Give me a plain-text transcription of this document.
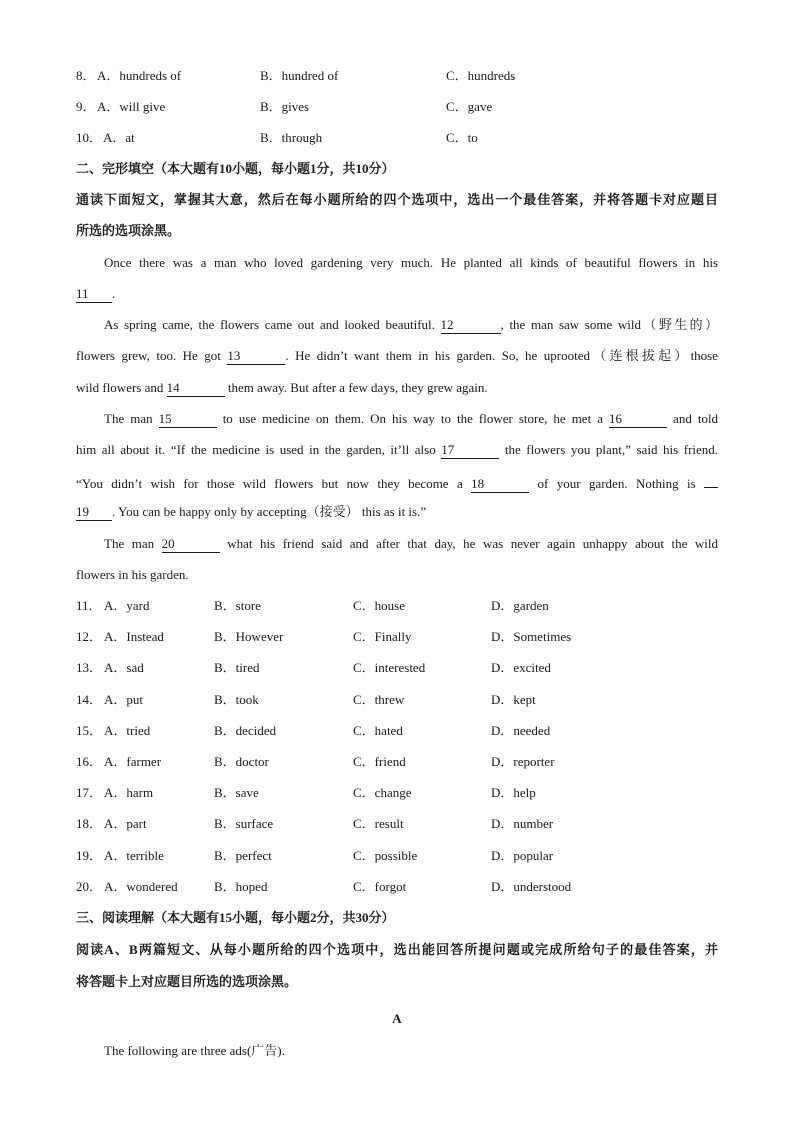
8． A．hundreds of	B．hundred of	C．hundreds
9． A．will give	B．gives	C．gave
10． A．at	B．through	C．to
二、完形填空（本大题有10小题，每小题1分，共10分）
通读下面短文，掌握其大意，然后在每小题所给的四个选项中，选出一个最佳答案，并将答题卡对应题目
所选的选项涂黑。
Once there was a man who loved gardening very much. He planted all kinds of beautiful flowers in his
11 .
As spring came, the flowers came out and looked beautiful. 12	, the man saw some wild（野生的）
flowers grew, too. He got 13	. He didn’t want them in his garden. So, he uprooted（连根拔起）those
wild flowers and 14	them away. But after a few days, they grew again.
The man 15	to use medicine on them. On his way to the flower store, he met a 16	and told
him all about it. “If the medicine is used in the garden, it’ll also 17	the flowers you plant,” said his friend.
“You didn’t wish for those wild flowers but now they become a 18	of your garden. Nothing is
19 . You can be happy only by accepting（接受） this as it is.”
The man 20	what his friend said and after that day, he was never again unhappy about the wild
flowers in his garden.
11． A．yard	B．store	C．house	D．garden
12． A．Instead	B．However	C．Finally	D．Sometimes
13． A．sad	B．tired	C．interested	D．excited
14． A．put	B．took	C．threw	D．kept
15． A．tried	B．decided	C．hated	D．needed
16． A．farmer	B．doctor	C．friend	D．reporter
17． A．harm	B．save	C．change	D．help
18． A．part	B．surface	C．result	D．number
19． A．terrible	B．perfect	C．possible	D．popular
20． A．wondered	B．hoped	C．forgot	D．understood
三、阅读理解（本大题有15小题，每小题2分，共30分）
阅读A、B两篇短文、从每小题所给的四个选项中，选出能回答所提问题或完成所给句子的最佳答案，并
将答题卡上对应题目所选的选项涂黑。
A
The following are three ads(广告).
